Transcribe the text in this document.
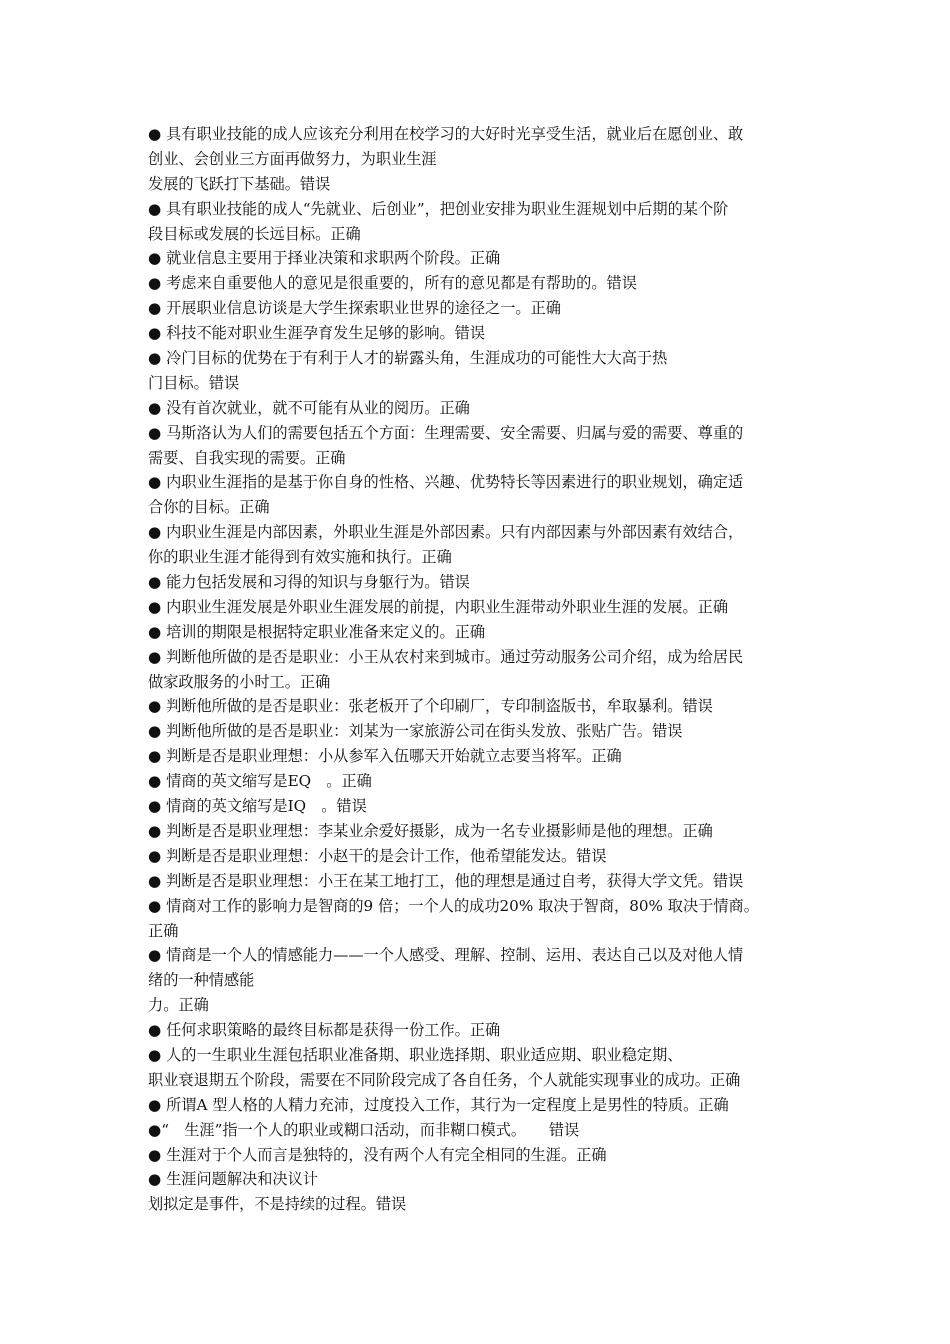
● 具有职业技能的成人应该充分利用在校学习的大好时光享受生活，就业后在愿创业、敢
创业、会创业三方面再做努力，为职业生涯
发展的飞跃打下基础。错误
● 具有职业技能的成人“先就业、后创业”，把创业安排为职业生涯规划中后期的某个阶
段目标或发展的长远目标。正确
● 就业信息主要用于择业决策和求职两个阶段。正确
● 考虑来自重要他人的意见是很重要的，所有的意见都是有帮助的。错误
● 开展职业信息访谈是大学生探索职业世界的途径之一。正确
● 科技不能对职业生涯孕育发生足够的影响。错误
● 冷门目标的优势在于有利于人才的崭露头角，生涯成功的可能性大大高于热
门目标。错误
● 没有首次就业，就不可能有从业的阅历。正确
● 马斯洛认为人们的需要包括五个方面：生理需要、安全需要、归属与爱的需要、尊重的
需要、自我实现的需要。正确
● 内职业生涯指的是基于你自身的性格、兴趣、优势特长等因素进行的职业规划，确定适
合你的目标。正确
● 内职业生涯是内部因素，外职业生涯是外部因素。只有内部因素与外部因素有效结合，
你的职业生涯才能得到有效实施和执行。正确
● 能力包括发展和习得的知识与身躯行为。错误
● 内职业生涯发展是外职业生涯发展的前提，内职业生涯带动外职业生涯的发展。正确
● 培训的期限是根据特定职业准备来定义的。正确
● 判断他所做的是否是职业：小王从农村来到城市。通过劳动服务公司介绍，成为给居民
做家政服务的小时工。正确
● 判断他所做的是否是职业：张老板开了个印刷厂，专印制盗版书，牟取暴利。错误
● 判断他所做的是否是职业：刘某为一家旅游公司在街头发放、张贴广告。错误
● 判断是否是职业理想：小从参军入伍哪天开始就立志要当将军。正确
● 情商的英文缩写是EQ　。正确
● 情商的英文缩写是IQ　。错误
● 判断是否是职业理想：李某业余爱好摄影，成为一名专业摄影师是他的理想。正确
● 判断是否是职业理想：小赵干的是会计工作，他希望能发达。错误
● 判断是否是职业理想：小王在某工地打工，他的理想是通过自考，获得大学文凭。错误
● 情商对工作的影响力是智商的9 倍；一个人的成功20% 取决于智商，80% 取决于情商。
正确
● 情商是一个人的情感能力——一个人感受、理解、控制、运用、表达自己以及对他人情
绪的一种情感能
力。正确
● 任何求职策略的最终目标都是获得一份工作。正确
● 人的一生职业生涯包括职业准备期、职业选择期、职业适应期、职业稳定期、
职业衰退期五个阶段，需要在不同阶段完成了各自任务，个人就能实现事业的成功。正确
● 所谓A 型人格的人精力充沛，过度投入工作，其行为一定程度上是男性的特质。正确
●“　生涯”指一个人的职业或糊口活动，而非糊口模式。　　错误
● 生涯对于个人而言是独特的，没有两个人有完全相同的生涯。正确
● 生涯问题解决和决议计
划拟定是事件，不是持续的过程。错误
